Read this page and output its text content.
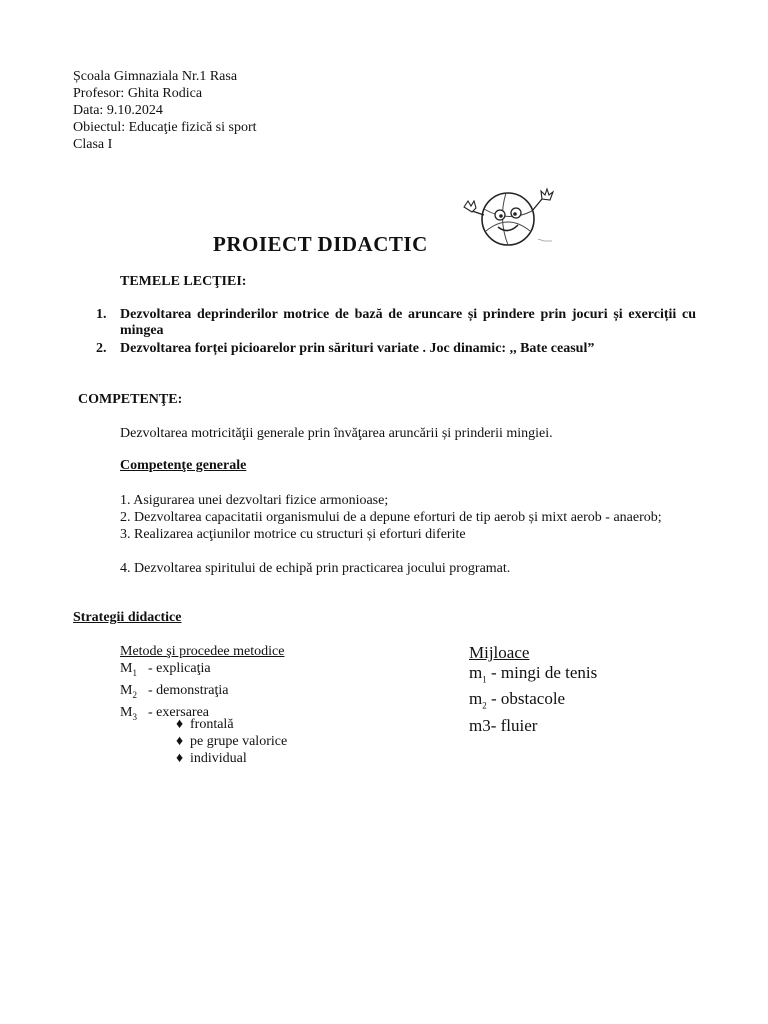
Școala Gimnaziala Nr.1 Rasa
Profesor: Ghita Rodica
Data: 9.10.2024
Obiectul: Educaţie fizică si sport
Clasa I
PROIECT DIDACTIC
TEMELE LECŢIEI:
1. Dezvoltarea deprinderilor motrice de bază de aruncare și prindere prin jocuri și exerciții cu mingea
2. Dezvoltarea forței picioarelor prin sărituri variate . Joc dinamic: ,, Bate ceasul”
COMPETENŢE:
Dezvoltarea motricităţii generale prin învăţarea aruncării și prinderii mingiei.
Competenţe generale
1. Asigurarea unei dezvoltari fizice armonioase;
2. Dezvoltarea capacitatii organismului de a depune eforturi de tip aerob și mixt aerob - anaerob;
3. Realizarea acţiunilor motrice cu structuri și eforturi diferite
4. Dezvoltarea spiritului de echipă prin practicarea jocului programat.
Strategii didactice
Metode şi procedee metodice
$M_1$ - explicaţia
$M_2$ - demonstraţia
$M_3$ - exersarea
♦ frontală
♦ pe grupe valorice
♦ individual
Mijloace
$m_1$ - mingi de tenis
$m_2$ - obstacole
m3- fluier
